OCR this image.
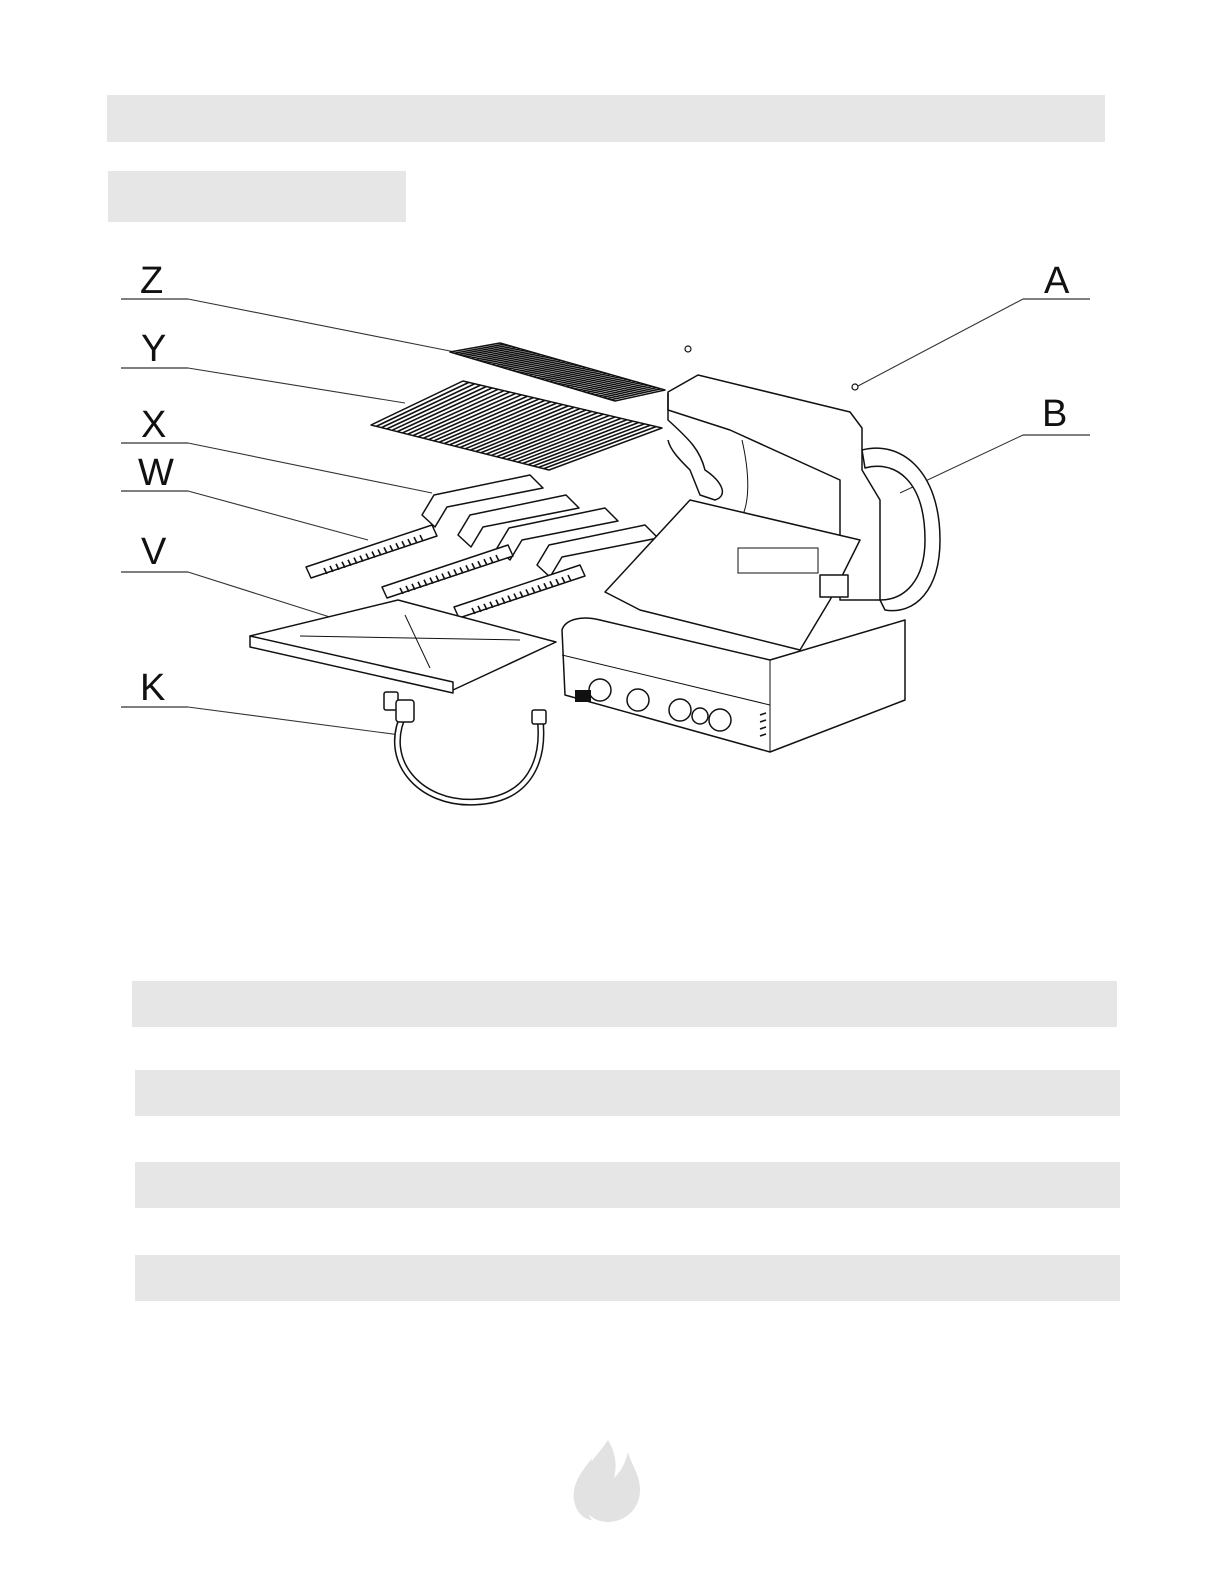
Z
Y
X
W
V
K
A
B
